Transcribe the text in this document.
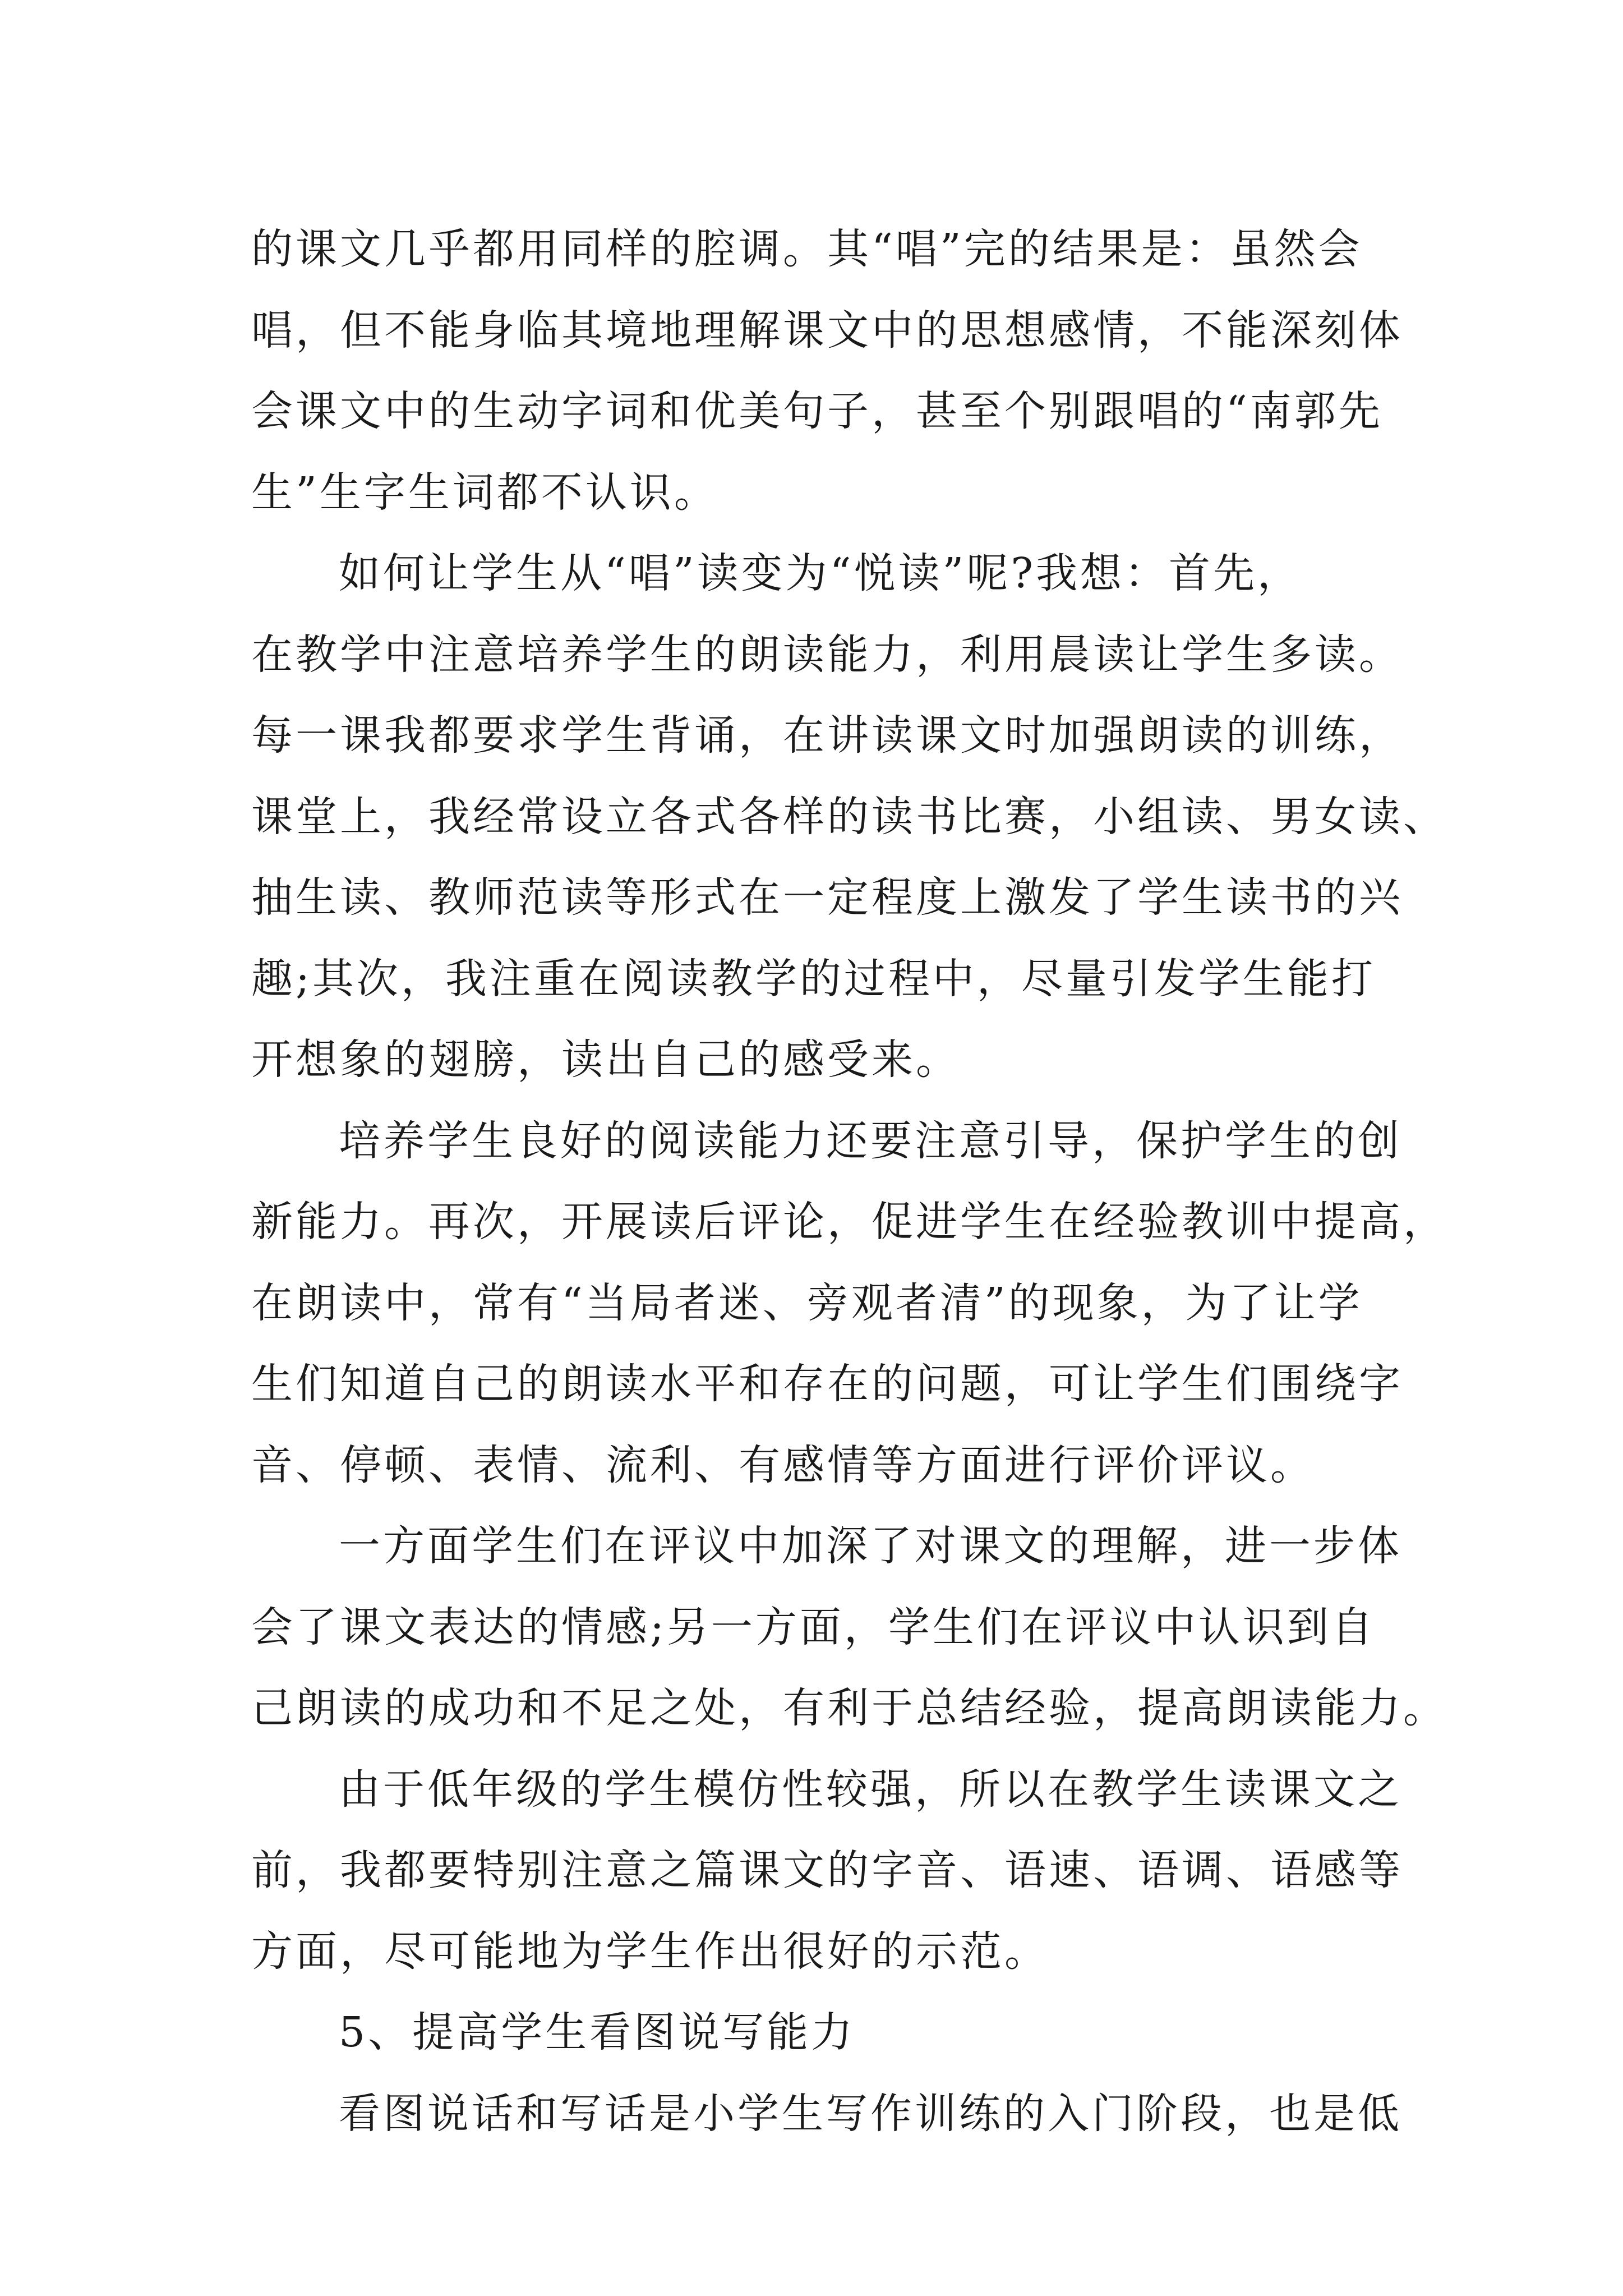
的课文几乎都用同样的腔调。其“唱”完的结果是：虽然会
唱，但不能身临其境地理解课文中的思想感情，不能深刻体
会课文中的生动字词和优美句子，甚至个别跟唱的“南郭先
生”生字生词都不认识。
如何让学生从“唱”读变为“悦读”呢?我想：首先，
在教学中注意培养学生的朗读能力，利用晨读让学生多读。
每一课我都要求学生背诵，在讲读课文时加强朗读的训练，
课堂上，我经常设立各式各样的读书比赛，小组读、男女读、
抽生读、教师范读等形式在一定程度上激发了学生读书的兴
趣;其次，我注重在阅读教学的过程中，尽量引发学生能打
开想象的翅膀，读出自己的感受来。
培养学生良好的阅读能力还要注意引导，保护学生的创
新能力。再次，开展读后评论，促进学生在经验教训中提高，
在朗读中，常有“当局者迷、旁观者清”的现象，为了让学
生们知道自己的朗读水平和存在的问题，可让学生们围绕字
音、停顿、表情、流利、有感情等方面进行评价评议。
一方面学生们在评议中加深了对课文的理解，进一步体
会了课文表达的情感;另一方面，学生们在评议中认识到自
己朗读的成功和不足之处，有利于总结经验，提高朗读能力。
由于低年级的学生模仿性较强，所以在教学生读课文之
前，我都要特别注意之篇课文的字音、语速、语调、语感等
方面，尽可能地为学生作出很好的示范。
5、提高学生看图说写能力
看图说话和写话是小学生写作训练的入门阶段，也是低
